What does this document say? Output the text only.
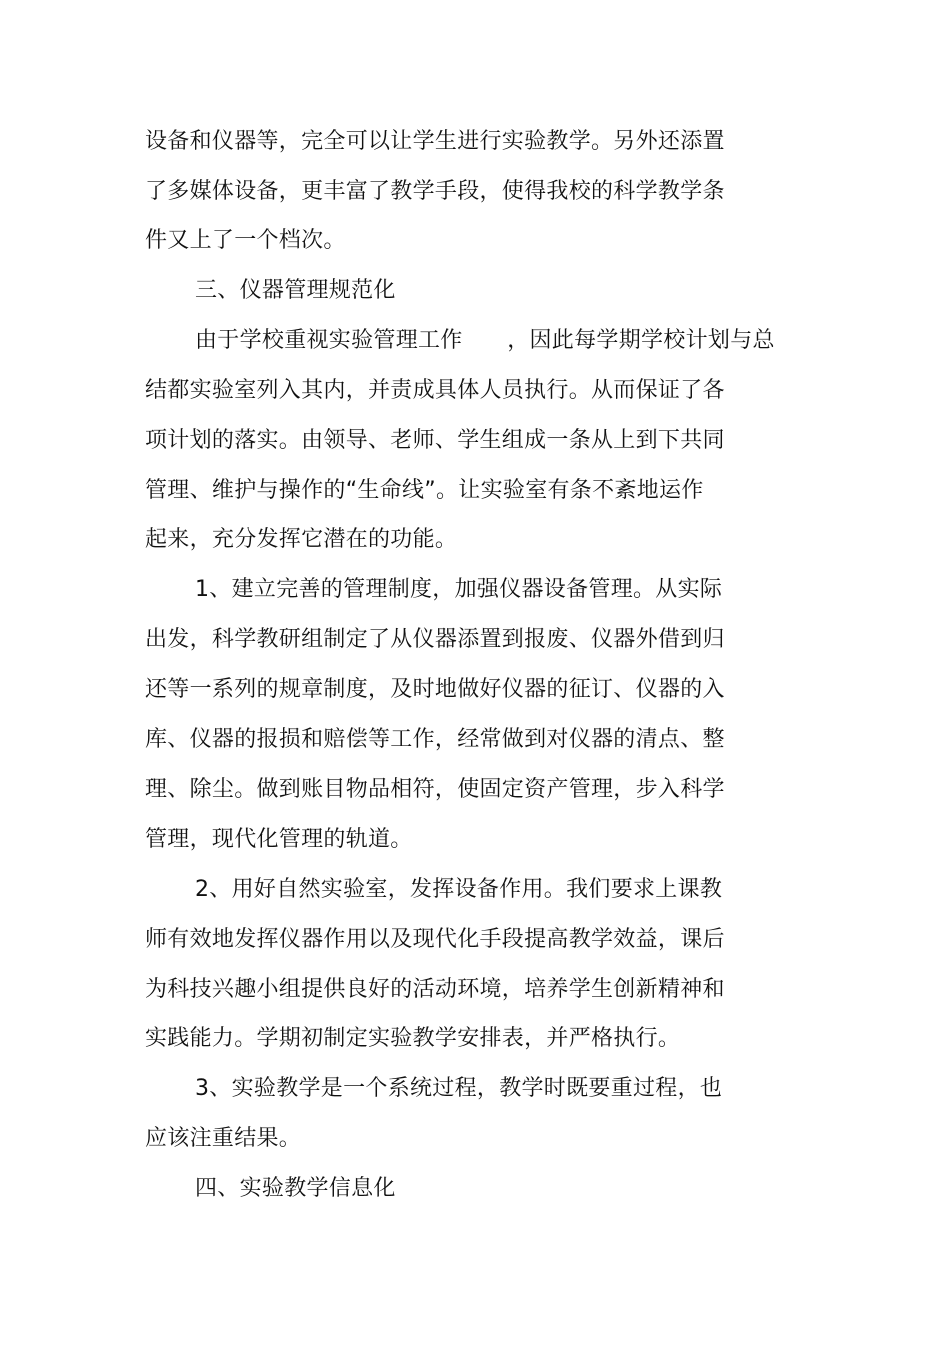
设备和仪器等，完全可以让学生进行实验教学。另外还添置
了多媒体设备，更丰富了教学手段，使得我校的科学教学条
件又上了一个档次。
三、仪器管理规范化
由于学校重视实验管理工作　　，因此每学期学校计划与总
结都实验室列入其内，并责成具体人员执行。从而保证了各
项计划的落实。由领导、老师、学生组成一条从上到下共同
管理、维护与操作的“生命线”。让实验室有条不紊地运作
起来，充分发挥它潜在的功能。
1、建立完善的管理制度，加强仪器设备管理。从实际
出发，科学教研组制定了从仪器添置到报废、仪器外借到归
还等一系列的规章制度，及时地做好仪器的征订、仪器的入
库、仪器的报损和赔偿等工作，经常做到对仪器的清点、整
理、除尘。做到账目物品相符，使固定资产管理，步入科学
管理，现代化管理的轨道。
2、用好自然实验室，发挥设备作用。我们要求上课教
师有效地发挥仪器作用以及现代化手段提高教学效益，课后
为科技兴趣小组提供良好的活动环境，培养学生创新精神和
实践能力。学期初制定实验教学安排表，并严格执行。
3、实验教学是一个系统过程，教学时既要重过程，也
应该注重结果。
四、实验教学信息化
